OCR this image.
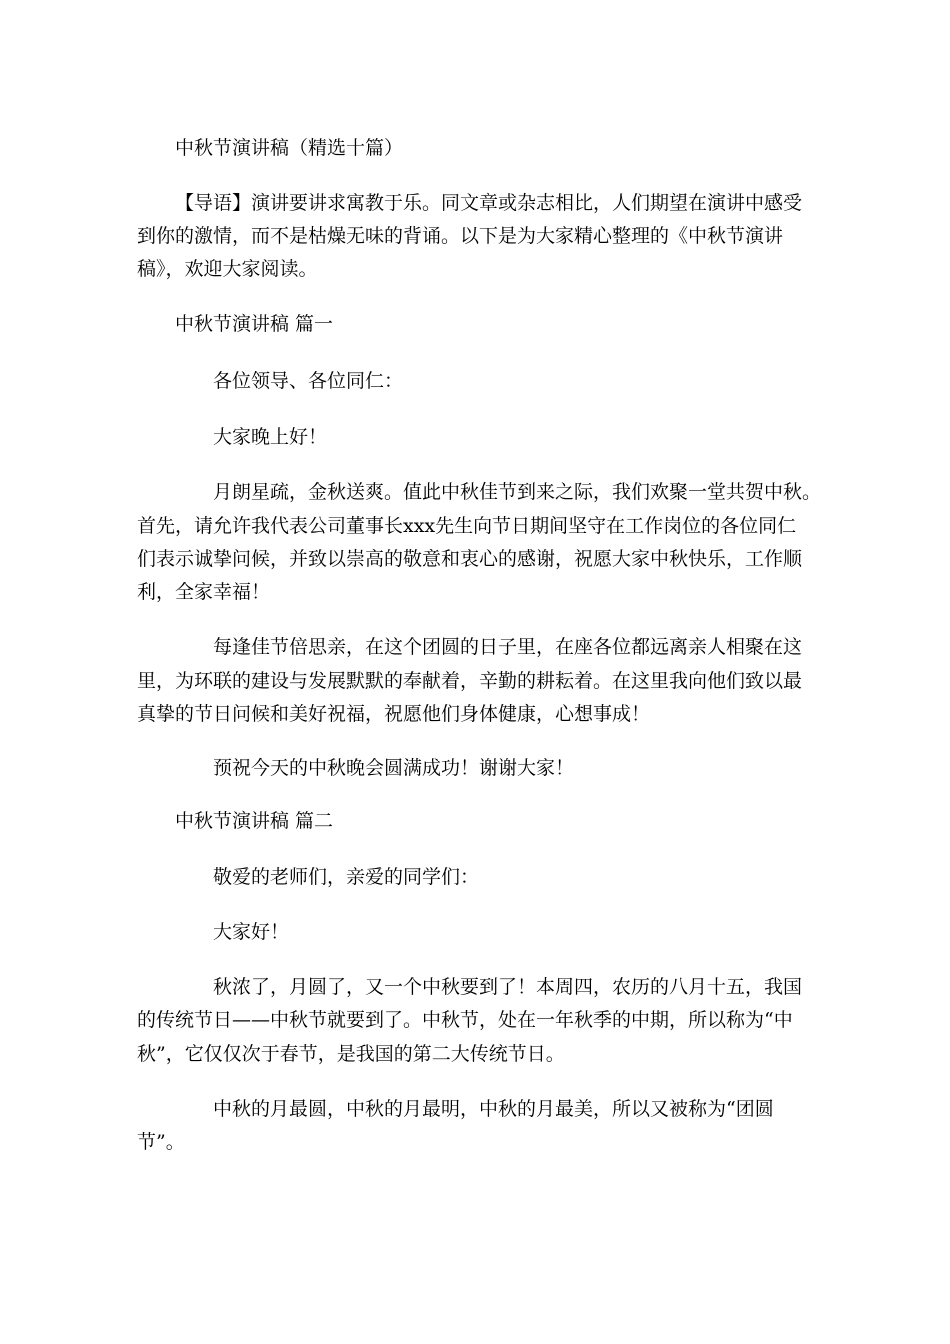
中秋节演讲稿（精选十篇）
【导语】演讲要讲求寓教于乐。同文章或杂志相比，人们期望在演讲中感受
到你的激情，而不是枯燥无味的背诵。以下是为大家精心整理的《中秋节演讲
稿》，欢迎大家阅读。
中秋节演讲稿 篇一
各位领导、各位同仁：
大家晚上好！
月朗星疏，金秋送爽。值此中秋佳节到来之际，我们欢聚一堂共贺中秋。
首先，请允许我代表公司董事长xxx先生向节日期间坚守在工作岗位的各位同仁
们表示诚挚问候，并致以崇高的敬意和衷心的感谢，祝愿大家中秋快乐，工作顺
利，全家幸福！
每逢佳节倍思亲，在这个团圆的日子里，在座各位都远离亲人相聚在这
里，为环联的建设与发展默默的奉献着，辛勤的耕耘着。在这里我向他们致以最
真挚的节日问候和美好祝福，祝愿他们身体健康，心想事成！
预祝今天的中秋晚会圆满成功！谢谢大家！
中秋节演讲稿 篇二
敬爱的老师们，亲爱的同学们：
大家好！
秋浓了，月圆了，又一个中秋要到了！本周四，农历的八月十五，我国
的传统节日——中秋节就要到了。中秋节，处在一年秋季的中期，所以称为“中
秋”，它仅仅次于春节，是我国的第二大传统节日。
中秋的月最圆，中秋的月最明，中秋的月最美，所以又被称为“团圆
节”。
